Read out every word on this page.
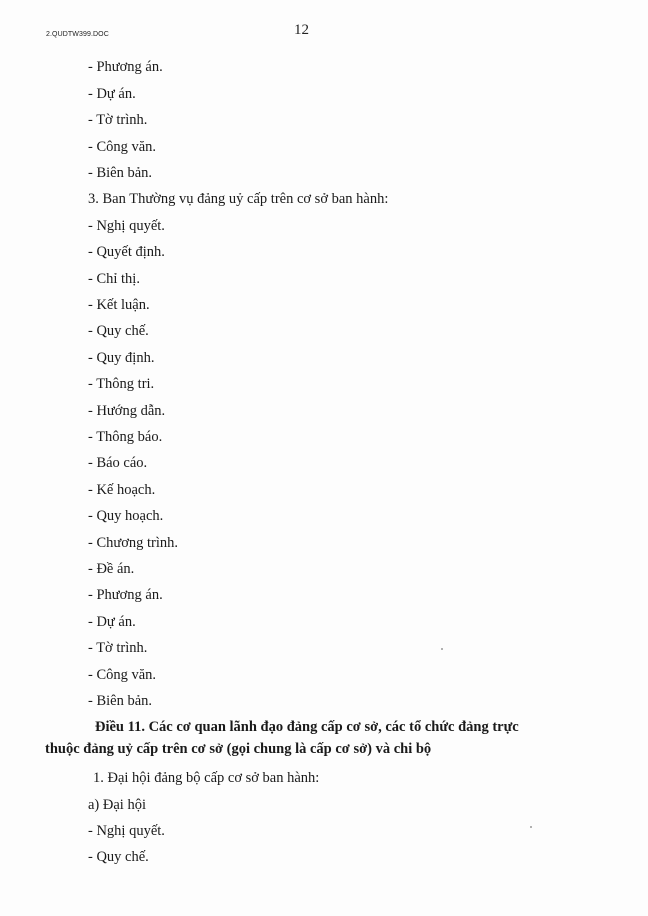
2.QUDTW399.DOC	12
- Phương án.
- Dự án.
- Tờ trình.
- Công văn.
- Biên bản.
3. Ban Thường vụ đảng uỷ cấp trên cơ sở ban hành:
- Nghị quyết.
- Quyết định.
- Chỉ thị.
- Kết luận.
- Quy chế.
- Quy định.
- Thông tri.
- Hướng dẫn.
- Thông báo.
- Báo cáo.
- Kế hoạch.
- Quy hoạch.
- Chương trình.
- Đề án.
- Phương án.
- Dự án.
- Tờ trình.
- Công văn.
- Biên bản.
Điều 11. Các cơ quan lãnh đạo đảng cấp cơ sở, các tổ chức đảng trực
thuộc đảng uỷ cấp trên cơ sở (gọi chung là cấp cơ sở) và chi bộ
1. Đại hội đảng bộ cấp cơ sở ban hành:
a) Đại hội
- Nghị quyết.
- Quy chế.
